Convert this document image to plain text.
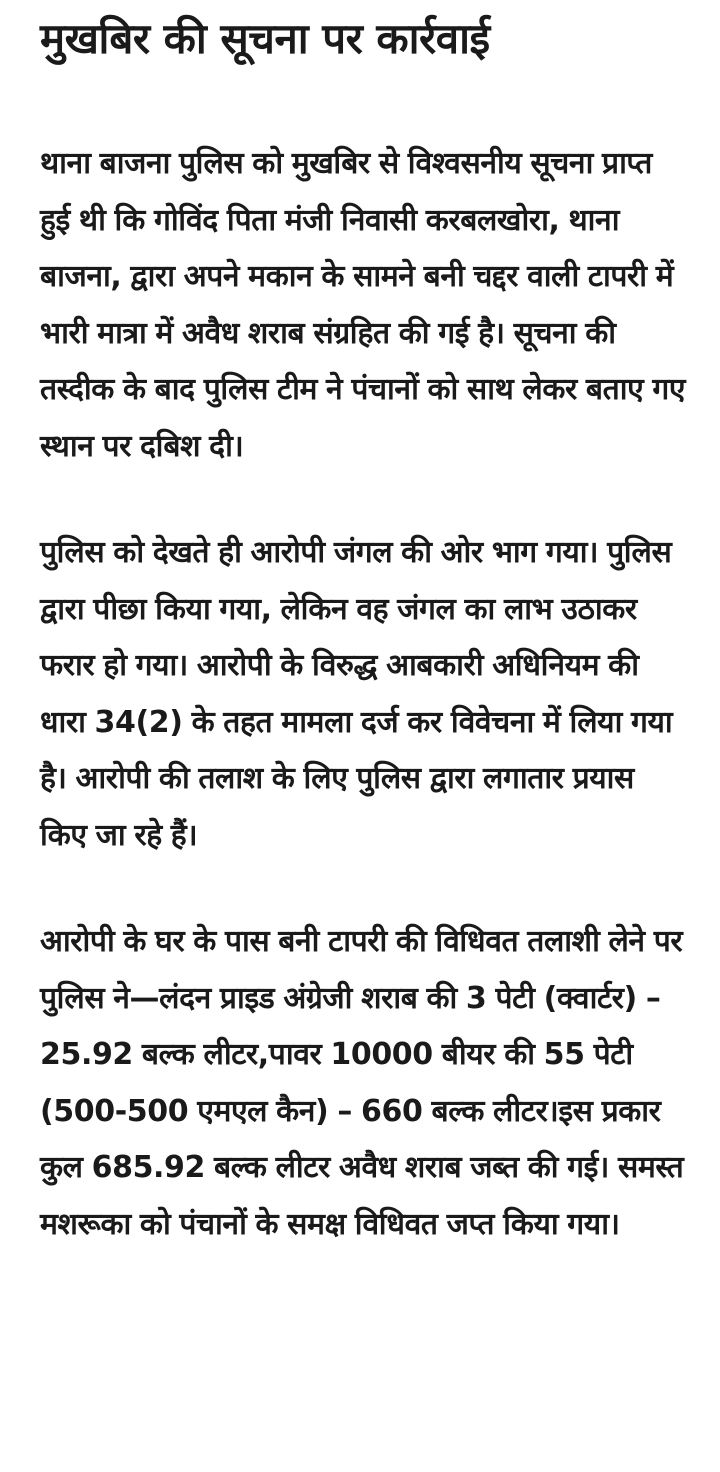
मुखबिर की सूचना पर कार्रवाई

थाना बाजना पुलिस को मुखबिर से विश्वसनीय सूचना प्राप्त हुई थी कि गोविंद पिता मंजी निवासी करबलखोरा, थाना बाजना, द्वारा अपने मकान के सामने बनी चद्दर वाली टापरी में भारी मात्रा में अवैध शराब संग्रहित की गई है। सूचना की तस्दीक के बाद पुलिस टीम ने पंचानों को साथ लेकर बताए गए स्थान पर दबिश दी।

पुलिस को देखते ही आरोपी जंगल की ओर भाग गया। पुलिस द्वारा पीछा किया गया, लेकिन वह जंगल का लाभ उठाकर फरार हो गया। आरोपी के विरुद्ध आबकारी अधिनियम की धारा 34(2) के तहत मामला दर्ज कर विवेचना में लिया गया है। आरोपी की तलाश के लिए पुलिस द्वारा लगातार प्रयास किए जा रहे हैं।

आरोपी के घर के पास बनी टापरी की विधिवत तलाशी लेने पर पुलिस ने—लंदन प्राइड अंग्रेजी शराब की 3 पेटी (क्वार्टर) – 25.92 बल्क लीटर,पावर 10000 बीयर की 55 पेटी (500-500 एमएल कैन) – 660 बल्क लीटर।इस प्रकार कुल 685.92 बल्क लीटर अवैध शराब जब्त की गई। समस्त मशरूका को पंचानों के समक्ष विधिवत जप्त किया गया।
